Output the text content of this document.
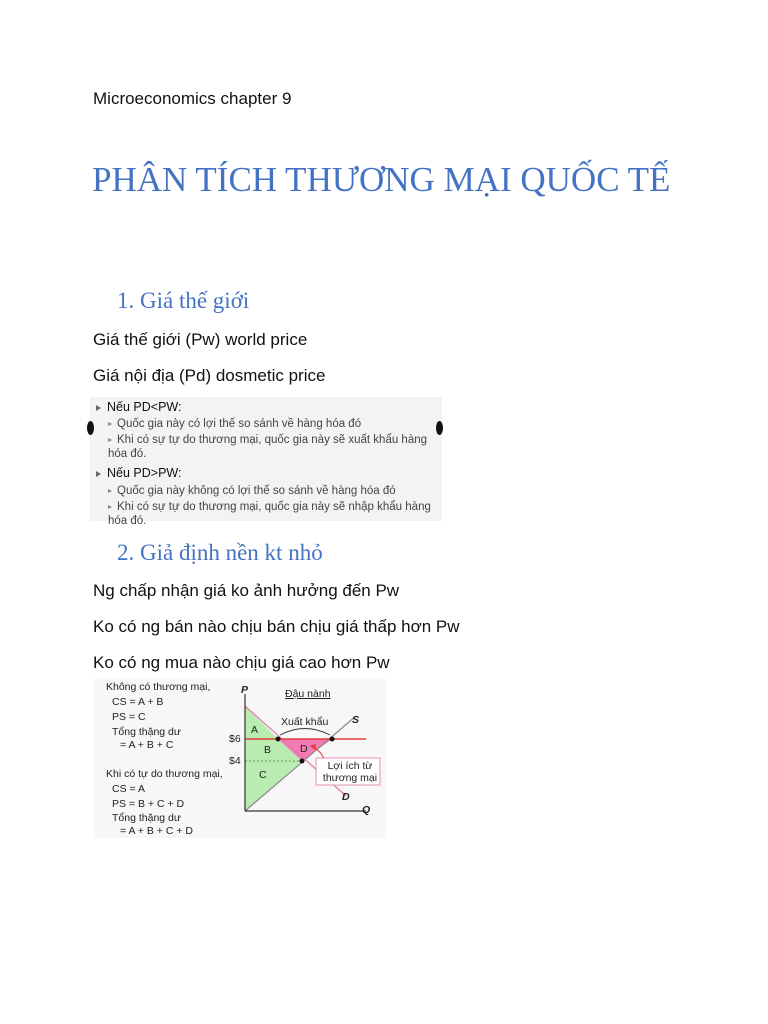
Microeconomics chapter 9
PHÂN TÍCH THƯƠNG MẠI QUỐC TẾ
1. Giá thế giới
Giá thế giới (Pw) world price
Giá nội địa (Pd) dosmetic price
Nếu PD<PW:
Quốc gia này có lợi thế so sánh về hàng hóa đó
Khi có sự tự do thương mại, quốc gia này sẽ xuất khẩu hàng hóa đó.
Nếu PD>PW:
Quốc gia này không có lợi thế so sánh về hàng hóa đó
Khi có sự tự do thương mại, quốc gia này sẽ nhập khẩu hàng hóa đó.
2. Giả định nền kt nhỏ
Ng chấp nhận giá ko ảnh hưởng đến Pw
Ko có ng bán nào chịu bán chịu giá thấp hơn Pw
Ko có ng mua nào chịu giá cao hơn Pw
Không có thương mại,
CS = A + B
PS = C
Tổng thặng dư
= A + B + C
Khi có tự do thương mại,
CS = A
PS = B + C + D
Tổng thặng dư
= A + B + C + D
P
Q
Đậu nành
$6
$4
Xuất khẩu S
D
A
B
C
D
Lợi ích từ
thương mại
